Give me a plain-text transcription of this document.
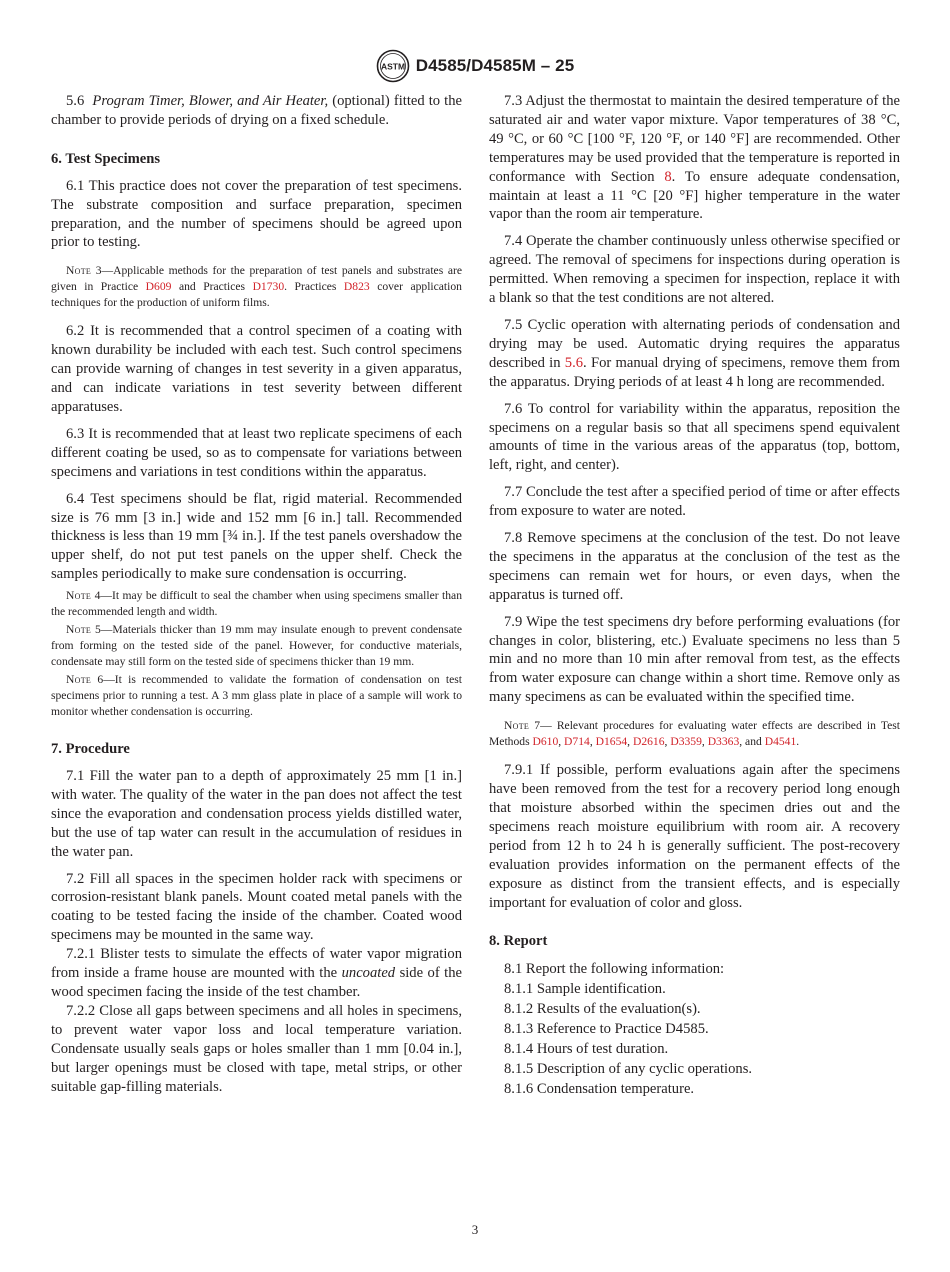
ASTM D4585/D4585M – 25

5.6 Program Timer, Blower, and Air Heater, (optional) fitted to the chamber to provide periods of drying on a fixed schedule.

6. Test Specimens

6.1 This practice does not cover the preparation of test specimens. The substrate composition and surface preparation, specimen preparation, and the number of specimens should be agreed upon prior to testing.

Note 3—Applicable methods for the preparation of test panels and substrates are given in Practice D609 and Practices D1730. Practices D823 cover application techniques for the production of uniform films.

6.2 It is recommended that a control specimen of a coating with known durability be included with each test. Such control specimens can provide warning of changes in test severity in a given apparatus, and can indicate variations in test severity between different apparatuses.

6.3 It is recommended that at least two replicate specimens of each different coating be used, so as to compensate for variations between specimens and variations in test conditions within the apparatus.

6.4 Test specimens should be flat, rigid material. Recommended size is 76 mm [3 in.] wide and 152 mm [6 in.] tall. Recommended thickness is less than 19 mm [¾ in.]. If the test panels overshadow the upper shelf, do not put test panels on the upper shelf. Check the samples periodically to make sure condensation is occurring.

Note 4—It may be difficult to seal the chamber when using specimens smaller than the recommended length and width.
Note 5—Materials thicker than 19 mm may insulate enough to prevent condensate from forming on the tested side of the panel. However, for conductive materials, condensate may still form on the tested side of specimens thicker than 19 mm.
Note 6—It is recommended to validate the formation of condensation on test specimens prior to running a test. A 3 mm glass plate in place of a sample will work to monitor whether condensation is occurring.
7. Procedure

7.1 Fill the water pan to a depth of approximately 25 mm [1 in.] with water. The quality of the water in the pan does not affect the test since the evaporation and condensation process yields distilled water, but the use of tap water can result in the accumulation of residues in the water pan.

7.2 Fill all spaces in the specimen holder rack with specimens or corrosion-resistant blank panels. Mount coated metal panels with the coating to be tested facing the inside of the chamber. Coated wood specimens may be mounted in the same way.

7.2.1 Blister tests to simulate the effects of water vapor migration from inside a frame house are mounted with the uncoated side of the wood specimen facing the inside of the test chamber.

7.2.2 Close all gaps between specimens and all holes in specimens, to prevent water vapor loss and local temperature variation. Condensate usually seals gaps or holes smaller than 1 mm [0.04 in.], but larger openings must be closed with tape, metal strips, or other suitable gap-filling materials.

7.3 Adjust the thermostat to maintain the desired temperature of the saturated air and water vapor mixture. Vapor temperatures of 38 °C, 49 °C, or 60 °C [100 °F, 120 °F, or 140 °F] are recommended. Other temperatures may be used provided that the temperature is reported in conformance with Section 8. To ensure adequate condensation, maintain at least a 11 °C [20 °F] higher temperature in the water vapor than the room air temperature.

7.4 Operate the chamber continuously unless otherwise specified or agreed. The removal of specimens for inspections during operation is permitted. When removing a specimen for inspection, replace it with a blank so that the test conditions are not altered.

7.5 Cyclic operation with alternating periods of condensation and drying may be used. Automatic drying requires the apparatus described in 5.6. For manual drying of specimens, remove them from the apparatus. Drying periods of at least 4 h long are recommended.

7.6 To control for variability within the apparatus, reposition the specimens on a regular basis so that all specimens spend equivalent amounts of time in the various areas of the apparatus (top, bottom, left, right, and center).

7.7 Conclude the test after a specified period of time or after effects from exposure to water are noted.

7.8 Remove specimens at the conclusion of the test. Do not leave the specimens in the apparatus at the conclusion of the test as the specimens can remain wet for hours, or even days, when the apparatus is turned off.

7.9 Wipe the test specimens dry before performing evaluations (for changes in color, blistering, etc.) Evaluate specimens no less than 5 min and no more than 10 min after removal from test, as the effects from water exposure can change within a short time. Remove only as many specimens as can be evaluated within the specified time.

Note 7— Relevant procedures for evaluating water effects are described in Test Methods D610, D714, D1654, D2616, D3359, D3363, and D4541.

7.9.1 If possible, perform evaluations again after the specimens have been removed from the test for a recovery period long enough that moisture absorbed within the specimen dries out and the specimens reach moisture equilibrium with room air. A recovery period from 12 h to 24 h is generally sufficient. The post-recovery evaluation provides information on the permanent effects of the exposure as distinct from the transient effects, and is especially important for evaluation of color and gloss.

8. Report
8.1 Report the following information:
8.1.1 Sample identification.
8.1.2 Results of the evaluation(s).
8.1.3 Reference to Practice D4585.
8.1.4 Hours of test duration.
8.1.5 Description of any cyclic operations.
8.1.6 Condensation temperature.
3
